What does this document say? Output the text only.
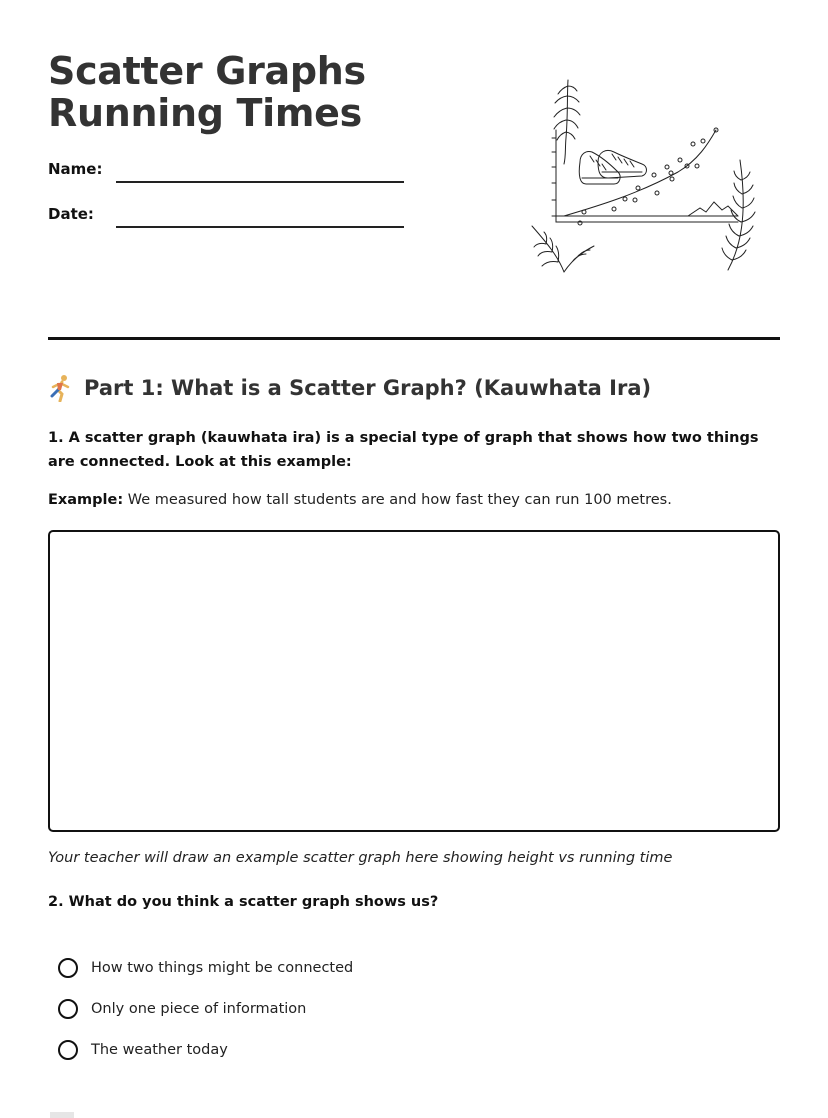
Scatter Graphs Running Times
Name:
Date:
Part 1: What is a Scatter Graph? (Kauwhata Ira)

1. A scatter graph (kauwhata ira) is a special type of graph that shows how two things are connected. Look at this example:

Example: We measured how tall students are and how fast they can run 100 metres.

Your teacher will draw an example scatter graph here showing height vs running time

2. What do you think a scatter graph shows us?

How two things might be connected
Only one piece of information
The weather today
